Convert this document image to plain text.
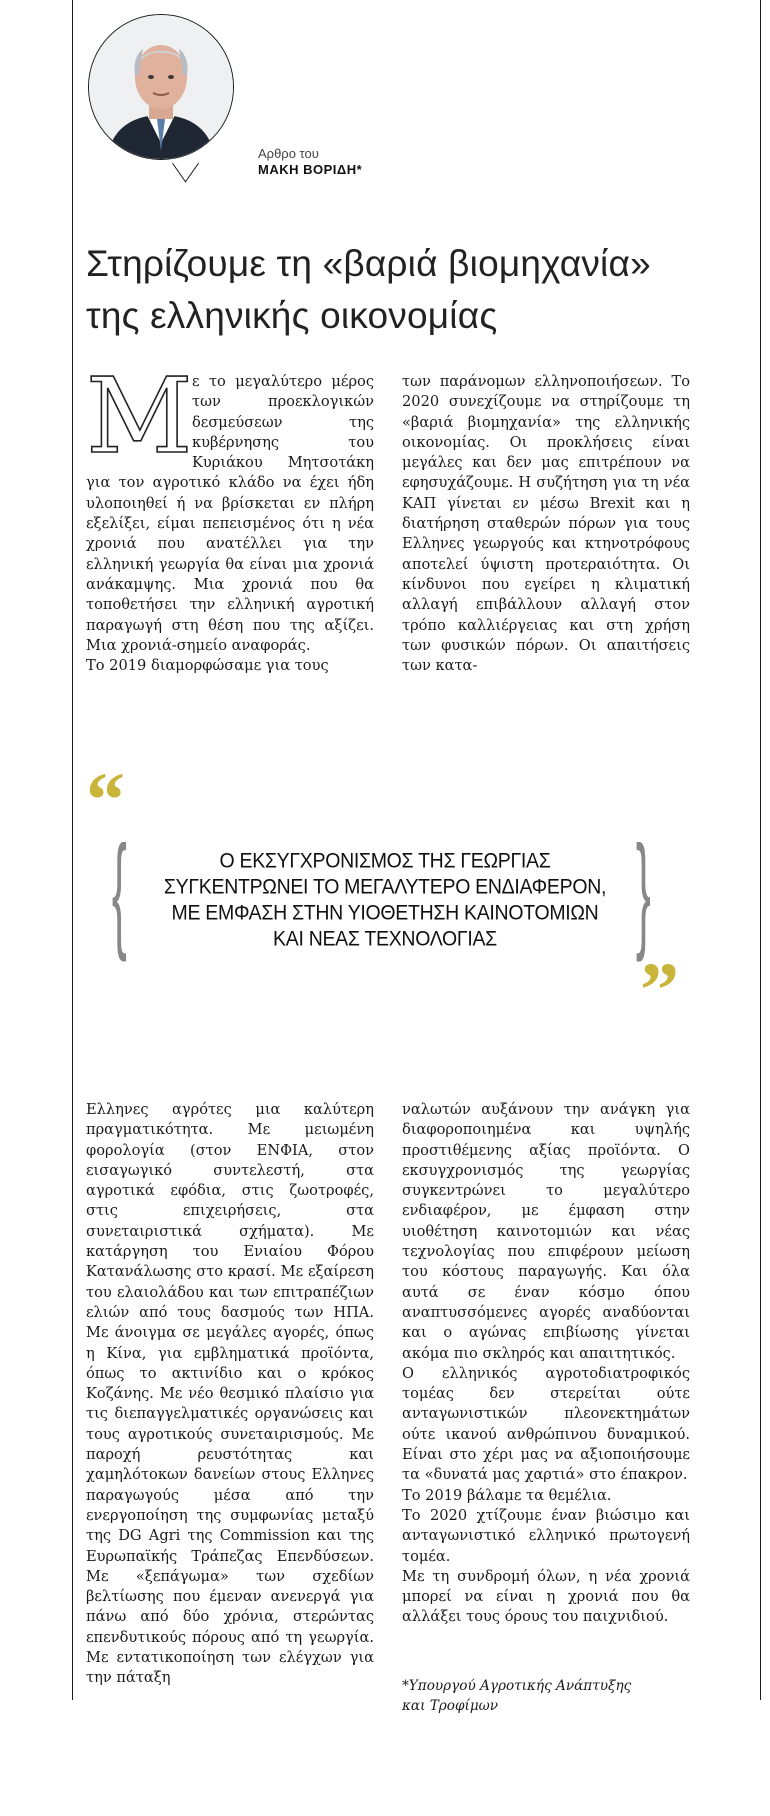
Αρθρο του
ΜΑΚΗ ΒΟΡΙΔΗ*
Στηρίζουμε τη «βαριά βιομηχανία»
της ελληνικής οικονομίας
Μ ε το μεγαλύτερο μέρος των προεκλογικών δεσμεύσεων της κυβέρνησης του Κυριάκου Μητσοτάκη για τον αγροτικό κλάδο να έχει ήδη υλοποιηθεί ή να βρίσκεται εν πλήρη εξελίξει, είμαι πεπεισμένος ότι η νέα χρονιά που ανατέλλει για την ελληνική γεωργία θα είναι μια χρονιά ανάκαμψης. Μια χρονιά που θα τοποθετήσει την ελληνική αγροτική παραγωγή στη θέση που της αξίζει. Μια χρονιά-σημείο αναφοράς.

Το 2019 διαμορφώσαμε για τους

των παράνομων ελληνοποιήσεων. Το 2020 συνεχίζουμε να στηρίζουμε τη «βαριά βιομηχανία» της ελληνικής οικονομίας. Οι προκλήσεις είναι μεγάλες και δεν μας επιτρέπουν να εφησυχάζουμε. Η συζήτηση για τη νέα ΚΑΠ γίνεται εν μέσω Brexit και η διατήρηση σταθερών πόρων για τους Ελληνες γεωργούς και κτηνοτρόφους αποτελεί ύψιστη προτεραιότητα. Οι κίνδυνοι που εγείρει η κλιματική αλλαγή επιβάλλουν αλλαγή στον τρόπο καλλιέργειας και στη χρήση των φυσικών πόρων. Οι απαιτήσεις των κατα-

“
{	}
”
Ο ΕΚΣΥΓΧΡΟΝΙΣΜΟΣ ΤΗΣ ΓΕΩΡΓΙΑΣ
ΣΥΓΚΕΝΤΡΩΝΕΙ ΤΟ ΜΕΓΑΛΥΤΕΡΟ ΕΝΔΙΑΦΕΡΟΝ,
ΜΕ ΕΜΦΑΣΗ ΣΤΗΝ ΥΙΟΘΕΤΗΣΗ ΚΑΙΝΟΤΟΜΙΩΝ
ΚΑΙ ΝΕΑΣ ΤΕΧΝΟΛΟΓΙΑΣ

Ελληνες αγρότες μια καλύτερη πραγματικότητα. Με μειωμένη φορολογία (στον ΕΝΦΙΑ, στον εισαγωγικό συντελεστή, στα αγροτικά εφόδια, στις ζωοτροφές, στις επιχειρήσεις, στα συνεταιριστικά σχήματα). Με κατάργηση του Ενιαίου Φόρου Κατανάλωσης στο κρασί. Με εξαίρεση του ελαιολάδου και των επιτραπέζιων ελιών από τους δασμούς των ΗΠΑ. Με άνοιγμα σε μεγάλες αγορές, όπως η Κίνα, για εμβληματικά προϊόντα, όπως το ακτινίδιο και ο κρόκος Κοζάνης. Με νέο θεσμικό πλαίσιο για τις διεπαγγελματικές οργανώσεις και τους αγροτικούς συνεταιρισμούς. Με παροχή ρευστότητας και χαμηλότοκων δανείων στους Ελληνες παραγωγούς μέσα από την ενεργοποίηση της συμφωνίας μεταξύ της DG Agri της Commission και της Ευρωπαϊκής Τράπεζας Επενδύσεων. Με «ξεπάγωμα» των σχεδίων βελτίωσης που έμεναν ανενεργά για πάνω από δύο χρόνια, στερώντας επενδυτικούς πόρους από τη γεωργία. Με εντατικοποίηση των ελέγχων για την πάταξη

ναλωτών αυξάνουν την ανάγκη για διαφοροποιημένα και υψηλής προστιθέμενης αξίας προϊόντα. Ο εκσυγχρονισμός της γεωργίας συγκεντρώνει το μεγαλύτερο ενδιαφέρον, με έμφαση στην υιοθέτηση καινοτομιών και νέας τεχνολογίας που επιφέρουν μείωση του κόστους παραγωγής. Και όλα αυτά σε έναν κόσμο όπου αναπτυσσόμενες αγορές αναδύονται και ο αγώνας επιβίωσης γίνεται ακόμα πιο σκληρός και απαιτητικός.

Ο ελληνικός αγροτοδιατροφικός τομέας δεν στερείται ούτε ανταγωνιστικών πλεονεκτημάτων ούτε ικανού ανθρώπινου δυναμικού. Είναι στο χέρι μας να αξιοποιήσουμε τα «δυνατά μας χαρτιά» στο έπακρον.

Το 2019 βάλαμε τα θεμέλια.

Το 2020 χτίζουμε έναν βιώσιμο και ανταγωνιστικό ελληνικό πρωτογενή τομέα.

Με τη συνδρομή όλων, η νέα χρονιά μπορεί να είναι η χρονιά που θα αλλάξει τους όρους του παιχνιδιού.

*Υπουργού Αγροτικής Ανάπτυξης
και Τροφίμων
